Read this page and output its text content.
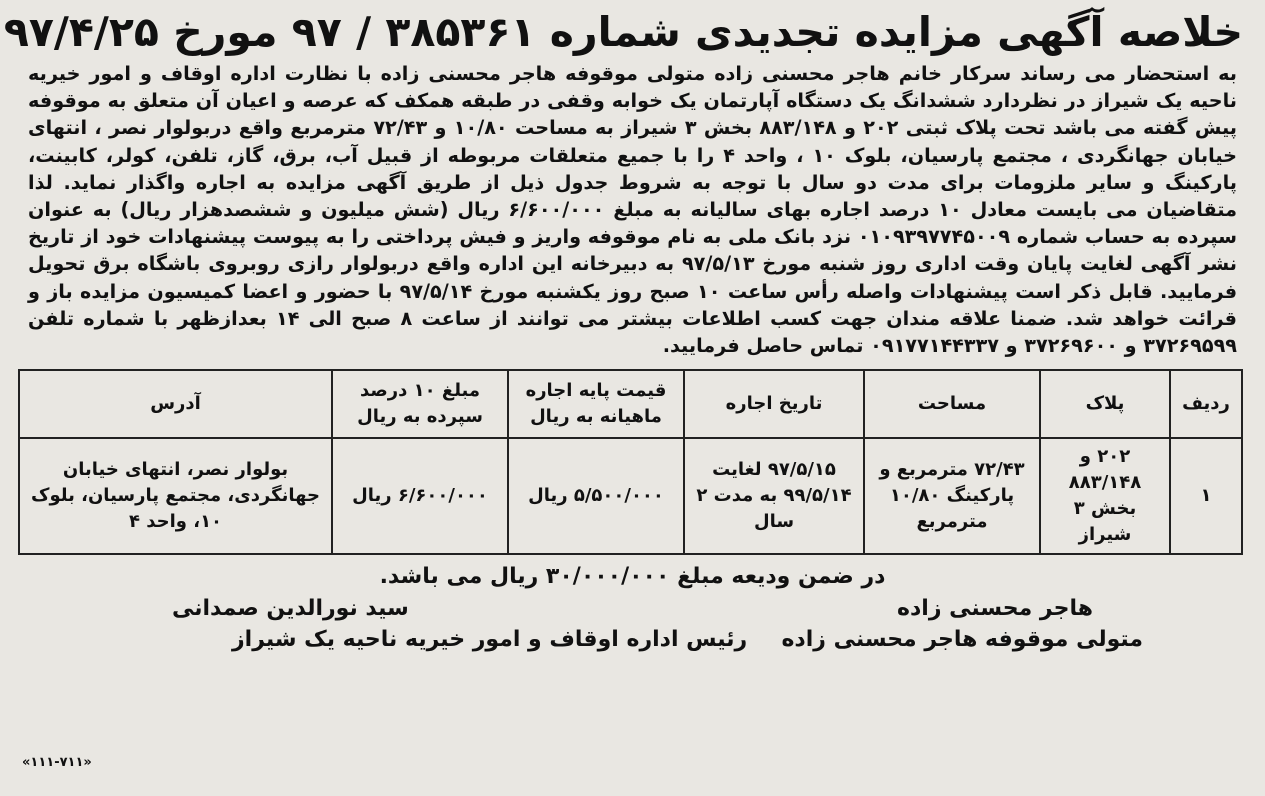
خلاصه آگهی مزایده تجدیدی شماره ۳۸۵۳۶۱ / ۹۷ مورخ ۹۷/۴/۲۵

به استحضار می رساند سرکار خانم هاجر محسنی زاده متولی موقوفه هاجر محسنی زاده با نظارت اداره اوقاف و امور خیریه ناحیه یک شیراز در نظردارد ششدانگ یک دستگاه آپارتمان یک خوابه وقفی در طبقه همکف که عرصه و اعیان آن متعلق به موقوفه پیش گفته می باشد تحت پلاک ثبتی ۲۰۲ و ۸۸۳/۱۴۸ بخش ۳ شیراز به مساحت ۱۰/۸۰ و ۷۲/۴۳ مترمربع واقع دربولوار نصر ، انتهای خیابان جهانگردی ، مجتمع پارسیان، بلوک ۱۰ ، واحد ۴ را با جمیع متعلقات مربوطه از قبیل آب، برق، گاز، تلفن، کولر، کابینت، پارکینگ و سایر ملزومات برای مدت دو سال با توجه به شروط جدول ذیل از طریق آگهی مزایده به اجاره واگذار نماید. لذا متقاضیان می بایست معادل ۱۰ درصد اجاره بهای سالیانه به مبلغ ۶/۶۰۰/۰۰۰ ریال (شش میلیون و ششصدهزار ریال) به عنوان سپرده به حساب شماره ۰۱۰۹۳۹۷۷۴۵۰۰۹ نزد بانک ملی به نام موقوفه واریز و فیش پرداختی را به پیوست پیشنهادات خود از تاریخ نشر آگهی لغایت پایان وقت اداری روز شنبه مورخ ۹۷/۵/۱۳ به دبیرخانه این اداره واقع دربولوار رازی روبروی باشگاه برق تحویل فرمایید. قابل ذکر است پیشنهادات واصله رأس ساعت ۱۰ صبح روز یکشنبه مورخ ۹۷/۵/۱۴ با حضور و اعضا کمیسیون مزایده باز و قرائت خواهد شد. ضمنا علاقه مندان جهت کسب اطلاعات بیشتر می توانند از ساعت ۸ صبح الی ۱۴ بعدازظهر با شماره تلفن ۳۷۲۶۹۵۹۹ و ۳۷۲۶۹۶۰۰ و ۰۹۱۷۷۱۴۴۳۳۷ تماس حاصل فرمایید.

ردیف	پلاک	مساحت	تاریخ اجاره	قیمت پایه اجاره ماهیانه به ریال	مبلغ ۱۰ درصد سپرده به ریال	آدرس
۱	۲۰۲ و ۸۸۳/۱۴۸ بخش ۳ شیراز	۷۲/۴۳ مترمربع و پارکینگ ۱۰/۸۰ مترمربع	۹۷/۵/۱۵ لغایت ۹۹/۵/۱۴ به مدت ۲ سال	۵/۵۰۰/۰۰۰ ریال	۶/۶۰۰/۰۰۰ ریال	بولوار نصر، انتهای خیابان جهانگردی، مجتمع پارسیان، بلوک ۱۰، واحد ۴
در ضمن ودیعه مبلغ ۳۰/۰۰۰/۰۰۰ ریال می باشد.
هاجر محسنی زاده
سید نورالدین صمدانی
متولی موقوفه هاجر محسنی زاده
رئیس اداره اوقاف و امور خیریه ناحیه یک شیراز
«۱۱۱-۷۱۱»
